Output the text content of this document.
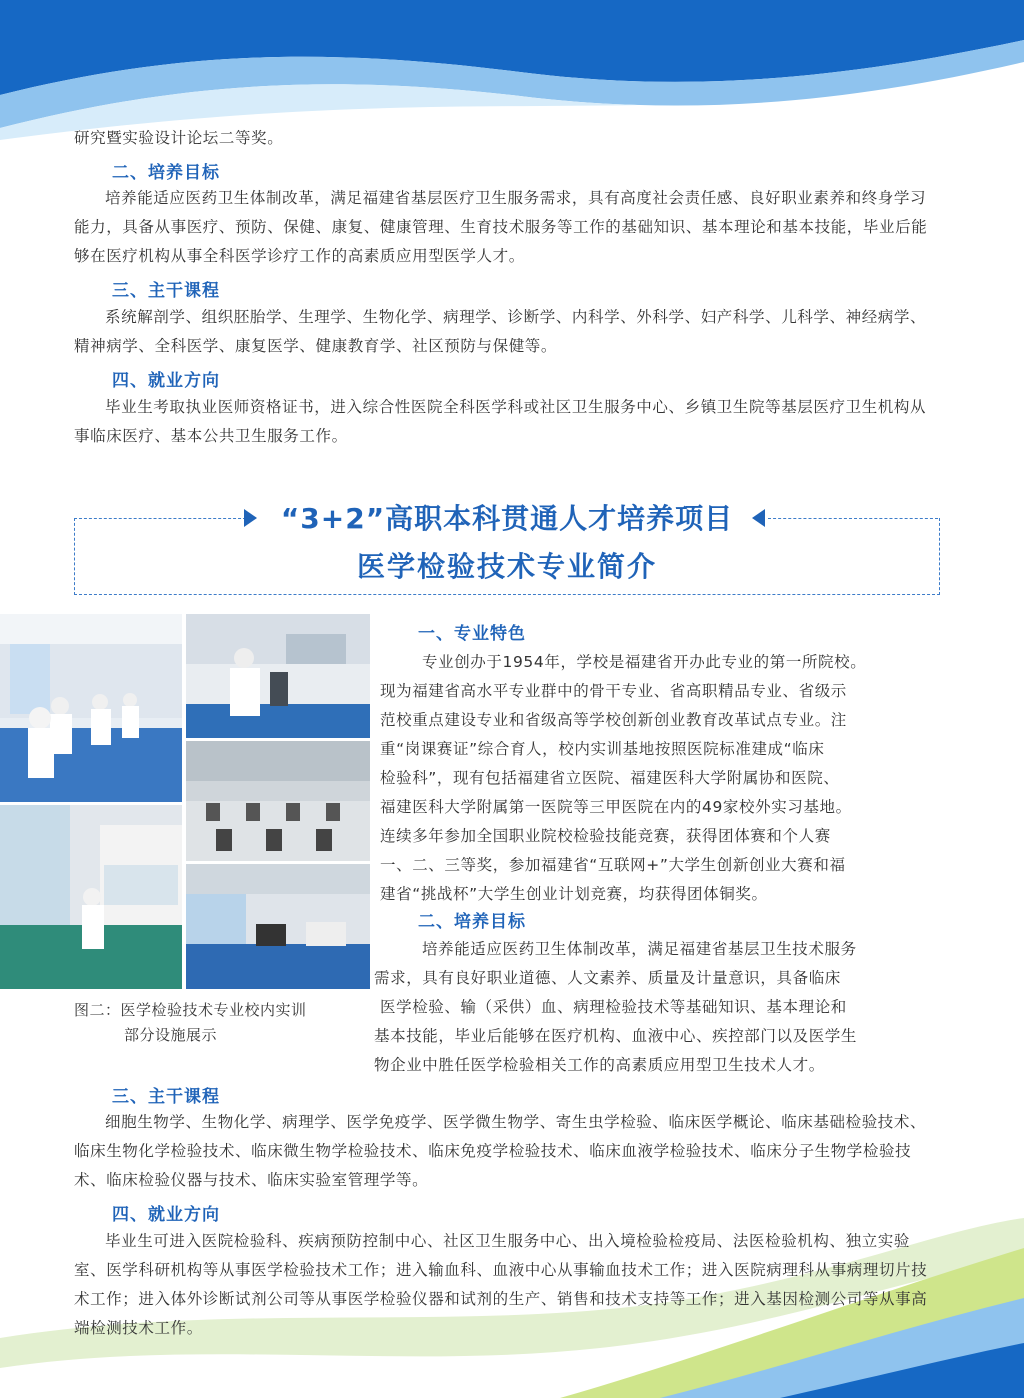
研究暨实验设计论坛二等奖。

二、培养目标

培养能适应医药卫生体制改革，满足福建省基层医疗卫生服务需求，具有高度社会责任感、良好职业素养和终身学习能力，具备从事医疗、预防、保健、康复、健康管理、生育技术服务等工作的基础知识、基本理论和基本技能，毕业后能够在医疗机构从事全科医学诊疗工作的高素质应用型医学人才。

三、主干课程

系统解剖学、组织胚胎学、生理学、生物化学、病理学、诊断学、内科学、外科学、妇产科学、儿科学、神经病学、精神病学、全科医学、康复医学、健康教育学、社区预防与保健等。

四、就业方向

毕业生考取执业医师资格证书，进入综合性医院全科医学科或社区卫生服务中心、乡镇卫生院等基层医疗卫生机构从事临床医疗、基本公共卫生服务工作。

“3+2”高职本科贯通人才培养项目
医学检验技术专业简介

图二：医学检验技术专业校内实训

部分设施展示

一、专业特色

专业创办于1954年，学校是福建省开办此专业的第一所院校。
现为福建省高水平专业群中的骨干专业、省高职精品专业、省级示
范校重点建设专业和省级高等学校创新创业教育改革试点专业。注
重“岗课赛证”综合育人，校内实训基地按照医院标准建成“临床
检验科”，现有包括福建省立医院、福建医科大学附属协和医院、
福建医科大学附属第一医院等三甲医院在内的49家校外实习基地。
连续多年参加全国职业院校检验技能竞赛，获得团体赛和个人赛
一、二、三等奖，参加福建省“互联网+”大学生创新创业大赛和福
建省“挑战杯”大学生创业计划竞赛，均获得团体铜奖。

二、培养目标

培养能适应医药卫生体制改革，满足福建省基层卫生技术服务
需求，具有良好职业道德、人文素养、质量及计量意识，具备临床
医学检验、输（采供）血、病理检验技术等基础知识、基本理论和
基本技能，毕业后能够在医疗机构、血液中心、疾控部门以及医学生
物企业中胜任医学检验相关工作的高素质应用型卫生技术人才。

三、主干课程

细胞生物学、生物化学、病理学、医学免疫学、医学微生物学、寄生虫学检验、临床医学概论、临床基础检验技术、临床生物化学检验技术、临床微生物学检验技术、临床免疫学检验技术、临床血液学检验技术、临床分子生物学检验技术、临床检验仪器与技术、临床实验室管理学等。

四、就业方向

毕业生可进入医院检验科、疾病预防控制中心、社区卫生服务中心、出入境检验检疫局、法医检验机构、独立实验室、医学科研机构等从事医学检验技术工作；进入输血科、血液中心从事输血技术工作；进入医院病理科从事病理切片技术工作；进入体外诊断试剂公司等从事医学检验仪器和试剂的生产、销售和技术支持等工作；进入基因检测公司等从事高端检测技术工作。
